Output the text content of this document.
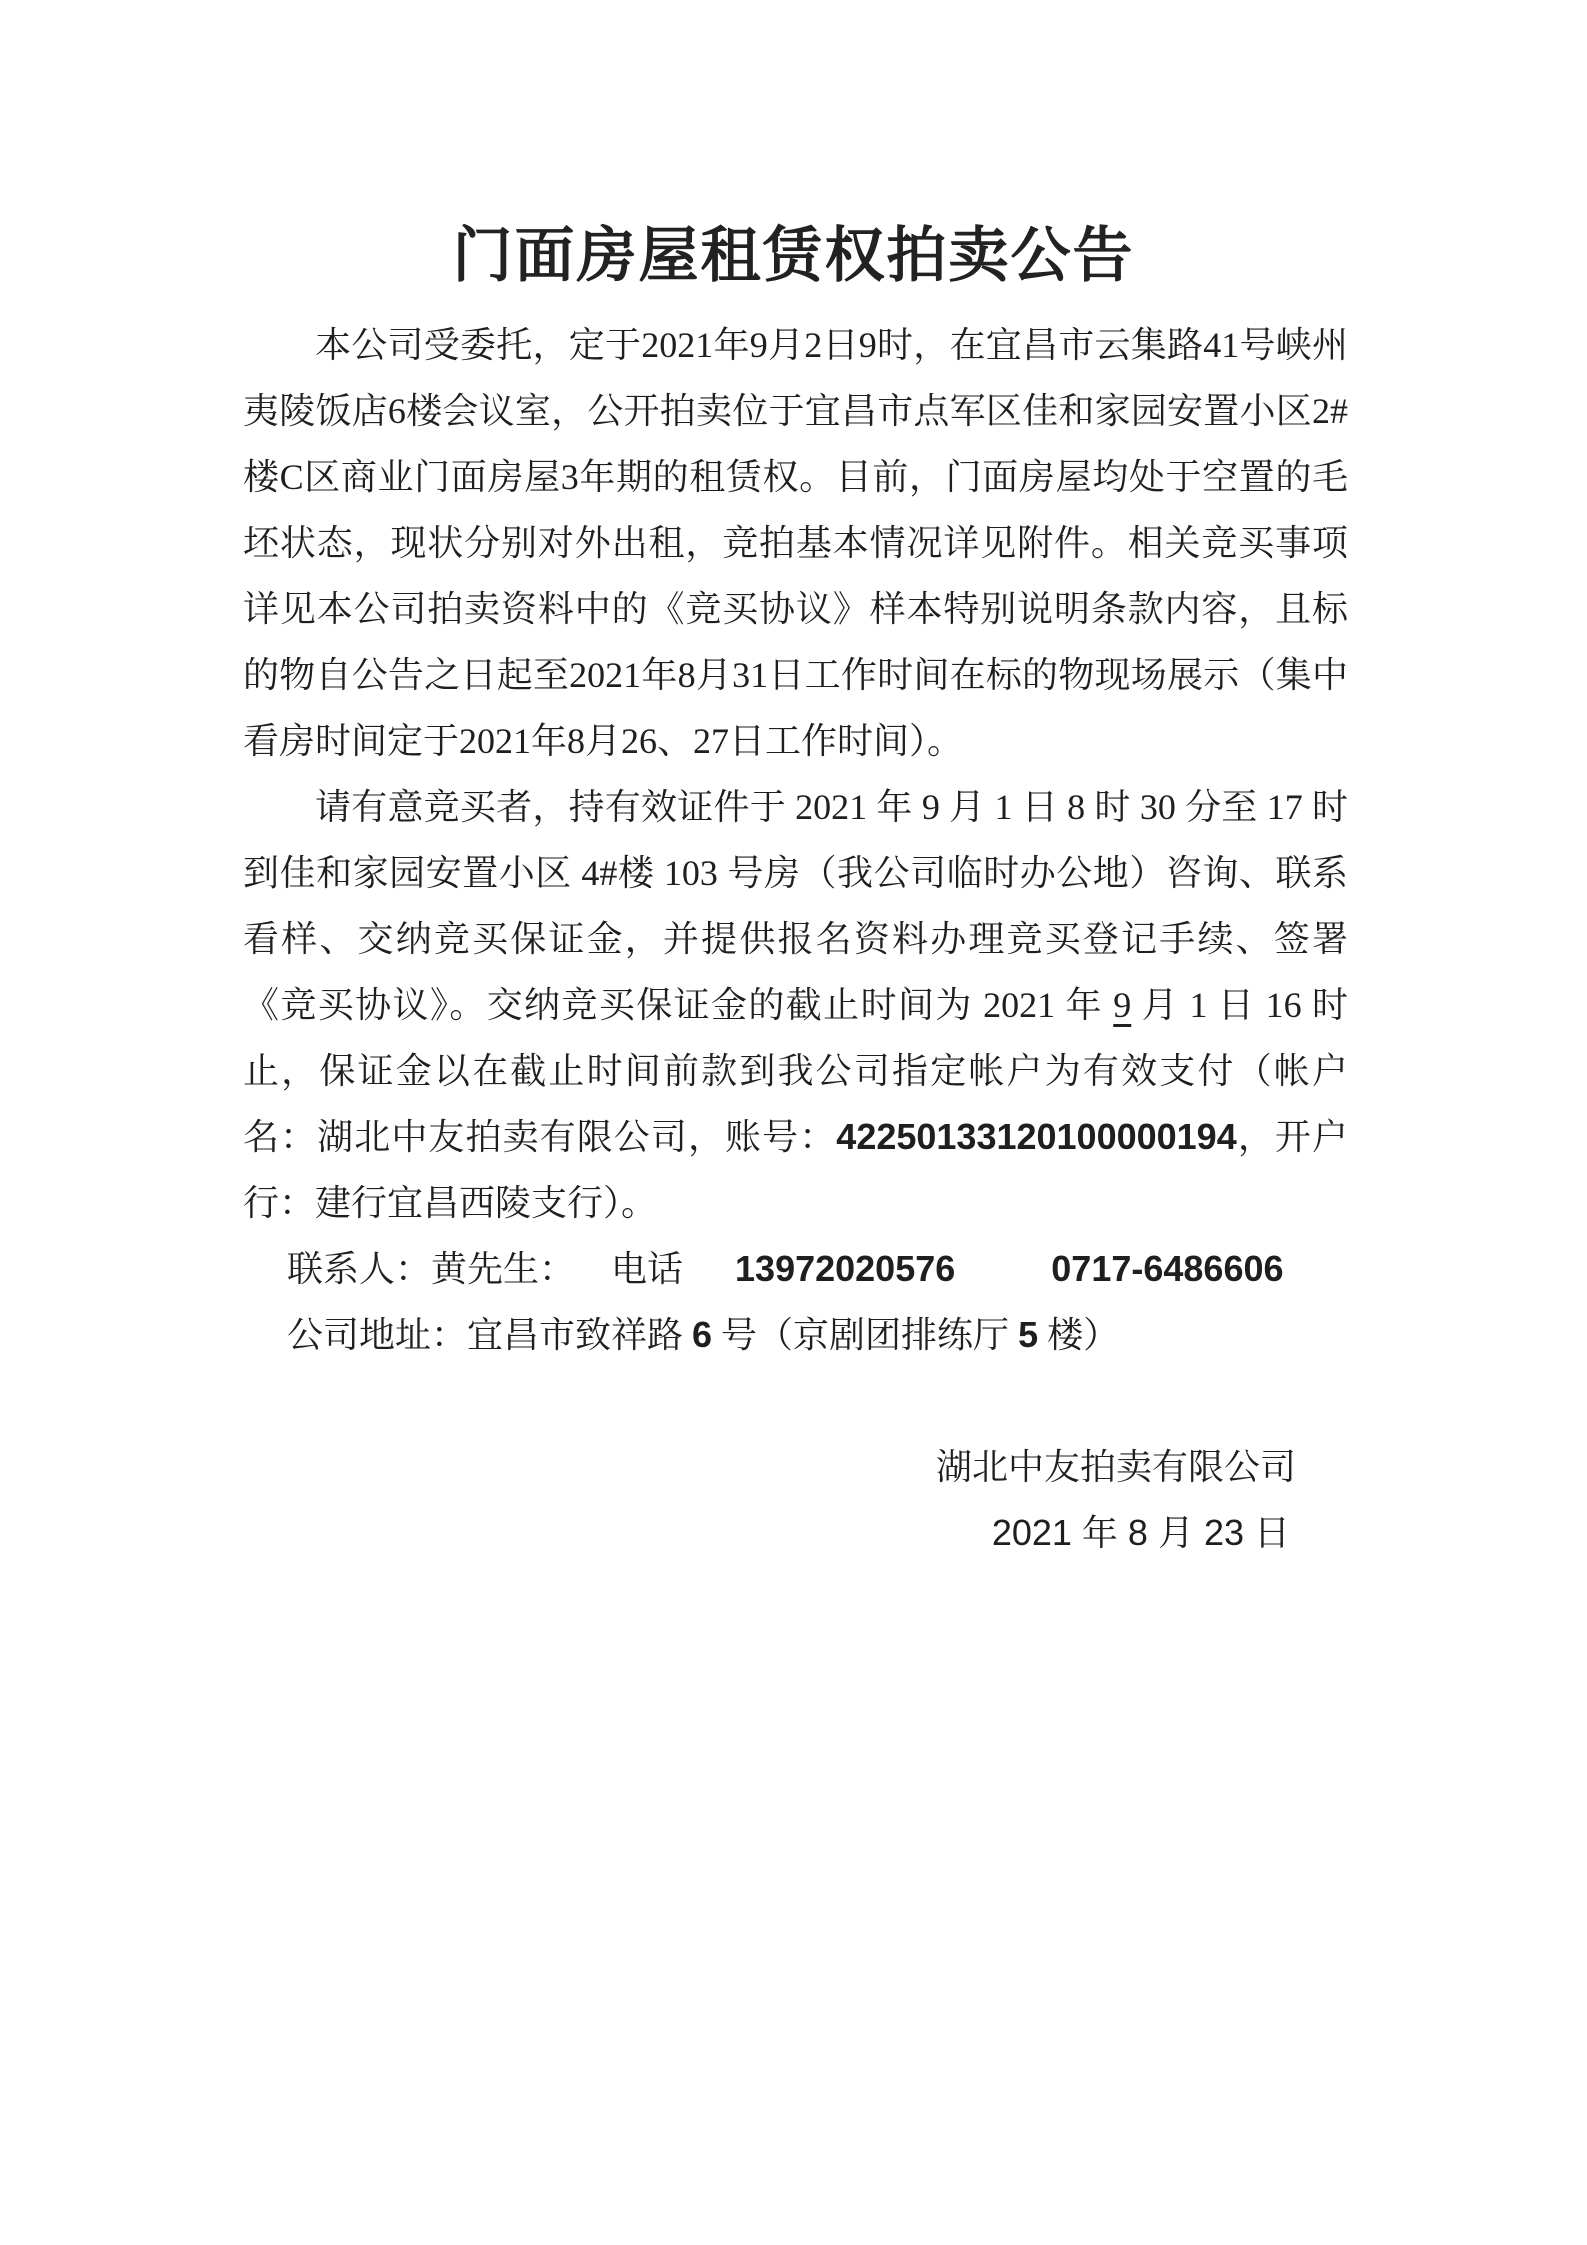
门面房屋租赁权拍卖公告

本公司受委托，定于2021年9月2日9时，在宜昌市云集路41号峡州夷陵饭店6楼会议室，公开拍卖位于宜昌市点军区佳和家园安置小区2#楼C区商业门面房屋3年期的租赁权。目前，门面房屋均处于空置的毛坯状态，现状分别对外出租，竞拍基本情况详见附件。相关竞买事项详见本公司拍卖资料中的《竞买协议》样本特别说明条款内容，且标的物自公告之日起至2021年8月31日工作时间在标的物现场展示（集中看房时间定于2021年8月26、27日工作时间）。

请有意竞买者，持有效证件于 2021 年 9 月 1 日 8 时 30 分至 17 时到佳和家园安置小区 4#楼 103 号房（我公司临时办公地）咨询、联系看样、交纳竞买保证金，并提供报名资料办理竞买登记手续、签署《竞买协议》。交纳竞买保证金的截止时间为 2021 年 9 月 1 日 16 时止，保证金以在截止时间前款到我公司指定帐户为有效支付（帐户名：湖北中友拍卖有限公司，账号：42250133120100000194，开户行：建行宜昌西陵支行）。

联系人：黄先生： 电话 13972020576	0717-6486606

公司地址：宜昌市致祥路 6 号（京剧团排练厅 5 楼）

湖北中友拍卖有限公司

2021 年 8 月 23 日
